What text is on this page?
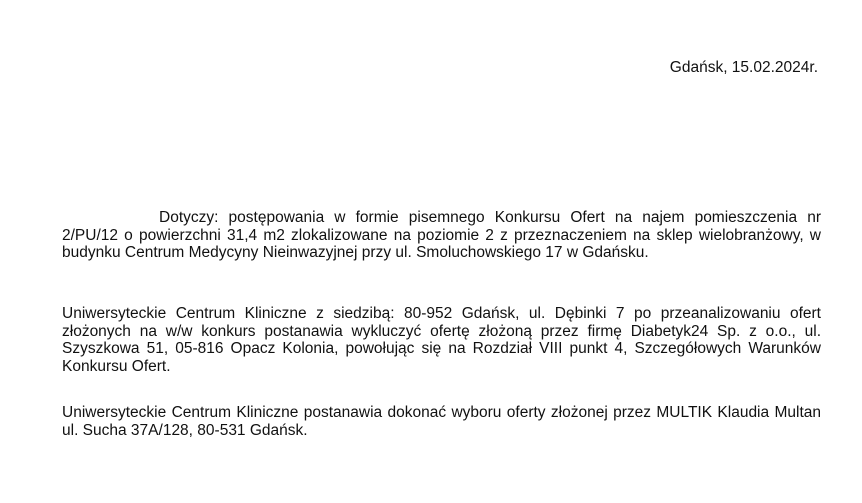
Gdańsk, 15.02.2024r.

Dotyczy: postępowania w formie pisemnego Konkursu Ofert na najem pomieszczenia nr 2/PU/12 o powierzchni 31,4 m2 zlokalizowane na poziomie 2 z przeznaczeniem na sklep wielobranżowy, w budynku Centrum Medycyny Nieinwazyjnej przy ul. Smoluchowskiego 17 w Gdańsku.

Uniwersyteckie Centrum Kliniczne z siedzibą: 80-952 Gdańsk, ul. Dębinki 7 po przeanalizowaniu ofert złożonych na w/w konkurs postanawia wykluczyć ofertę złożoną przez firmę Diabetyk24 Sp. z o.o., ul. Szyszkowa 51, 05-816 Opacz Kolonia, powołując się na Rozdział VIII punkt 4, Szczegółowych Warunków Konkursu Ofert.

Uniwersyteckie Centrum Kliniczne postanawia dokonać wyboru oferty złożonej przez MULTIK Klaudia Multan ul. Sucha 37A/128, 80-531 Gdańsk.
